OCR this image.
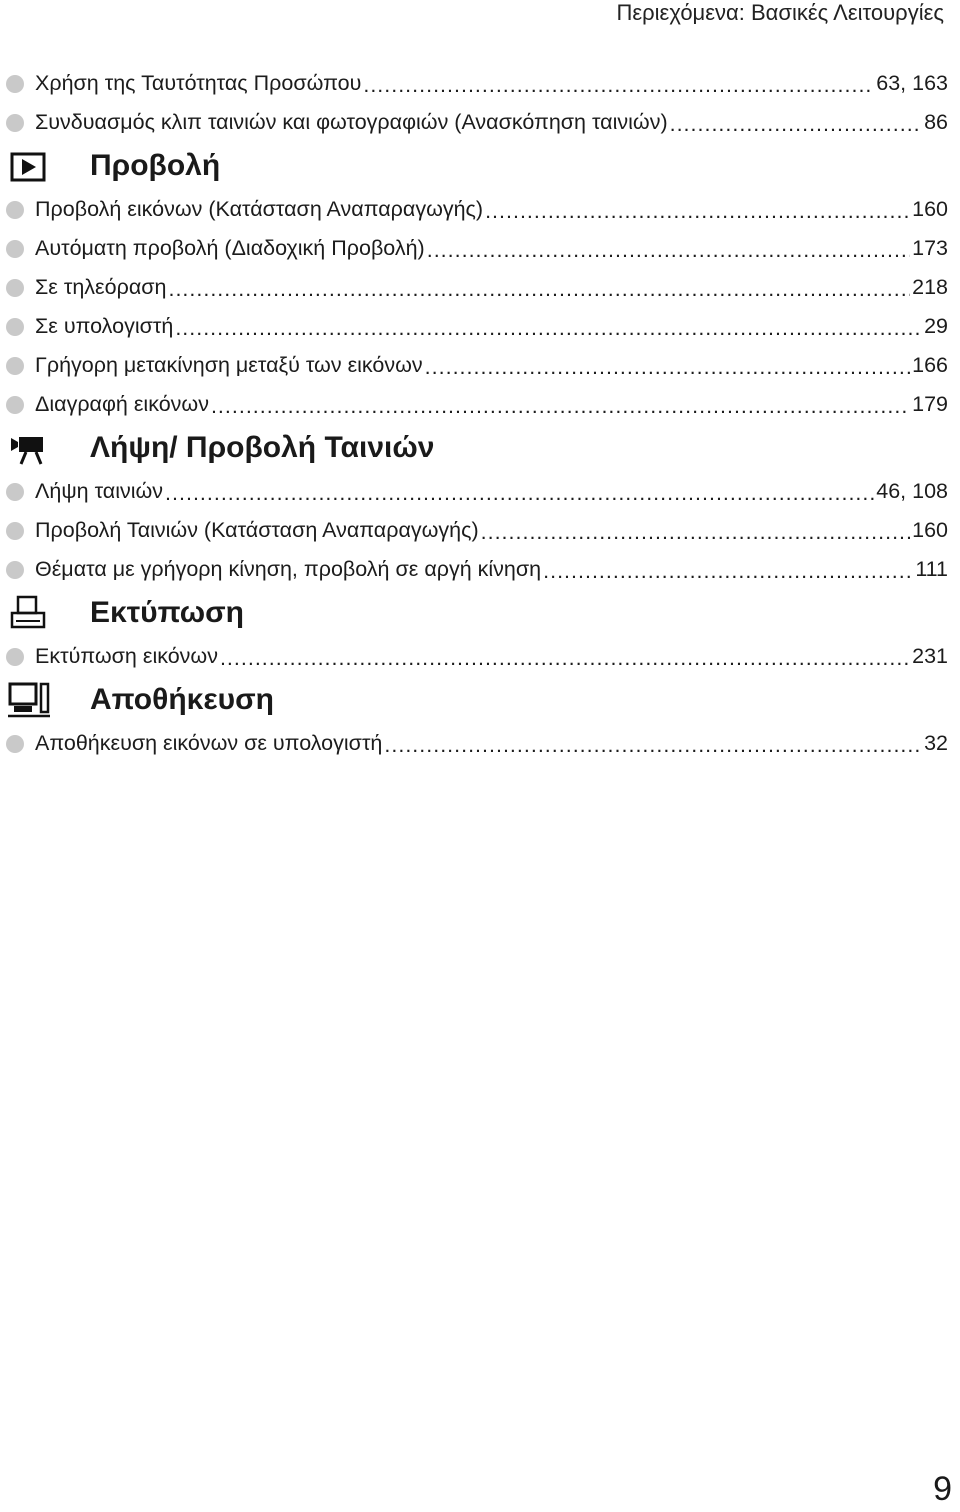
Περιεχόμενα: Βασικές Λειτουργίες
Χρήση της Ταυτότητας Προσώπου .....	63, 163
Συνδυασμός κλιπ ταινιών και φωτογραφιών (Ανασκόπηση ταινιών) .....	86
Προβολή
Προβολή εικόνων (Κατάσταση Αναπαραγωγής) .....	160
Αυτόματη προβολή (Διαδοχική Προβολή) .....	173
Σε τηλεόραση .....	218
Σε υπολογιστή .....	29
Γρήγορη μετακίνηση μεταξύ των εικόνων .....	166
Διαγραφή εικόνων .....	179
Λήψη/ Προβολή Ταινιών
Λήψη ταινιών .....	46, 108
Προβολή Ταινιών (Κατάσταση Αναπαραγωγής) .....	160
Θέματα με γρήγορη κίνηση, προβολή σε αργή κίνηση .....	111
Εκτύπωση
Εκτύπωση εικόνων .....	231
Αποθήκευση
Αποθήκευση εικόνων σε υπολογιστή .....	32
9
